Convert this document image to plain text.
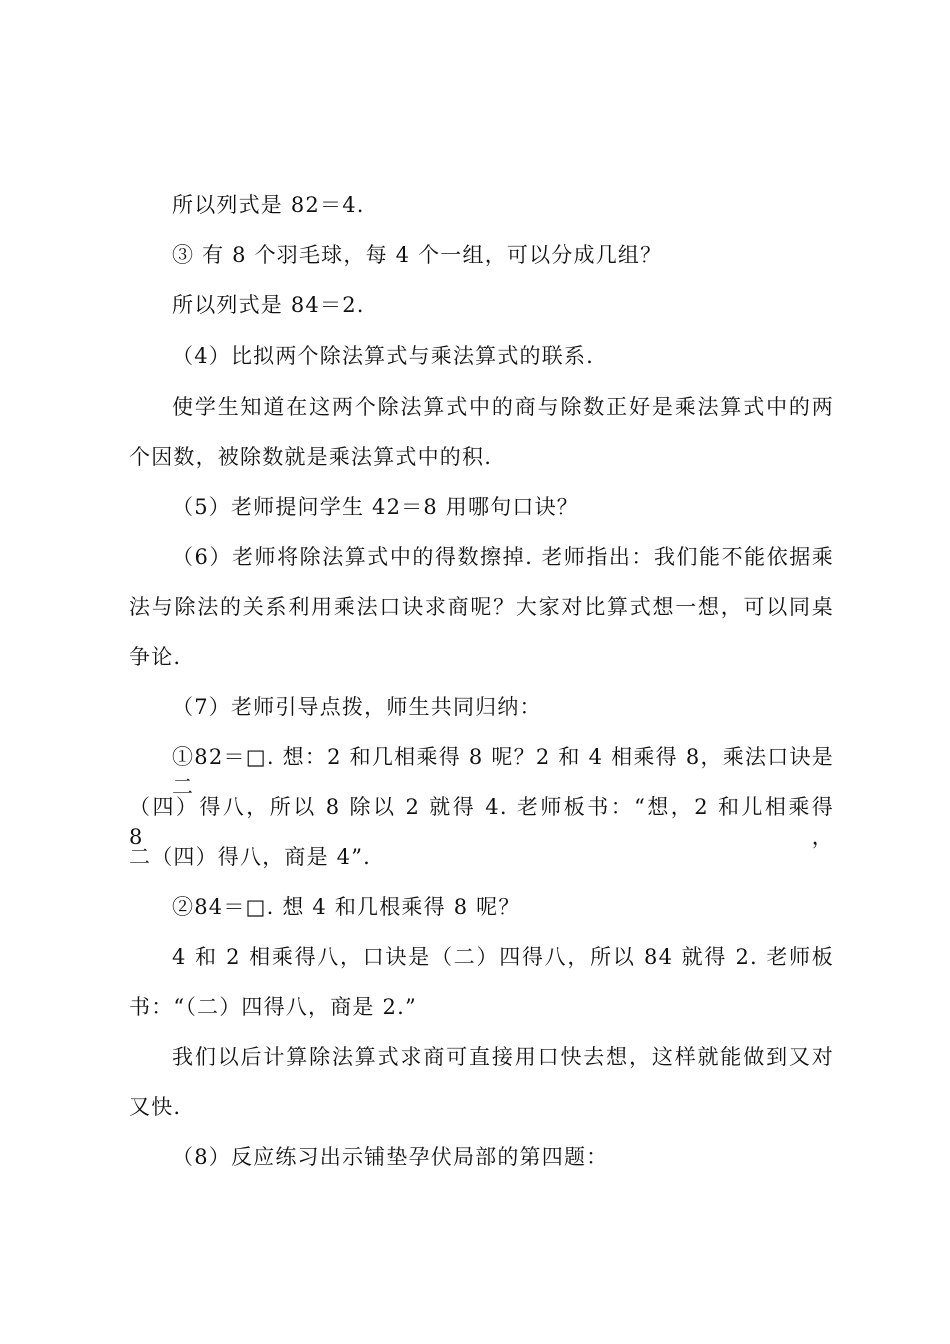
所以列式是 82＝4.
③ 有 8 个羽毛球，每 4 个一组，可以分成几组？
所以列式是 84＝2.
（4）比拟两个除法算式与乘法算式的联系.
使学生知道在这两个除法算式中的商与除数正好是乘法算式中的两
个因数，被除数就是乘法算式中的积.
（5）老师提问学生 42＝8 用哪句口诀？
（6）老师将除法算式中的得数擦掉. 老师指出：我们能不能依据乘
法与除法的关系利用乘法口诀求商呢？大家对比算式想一想，可以同桌
争论.
（7）老师引导点拨，师生共同归纳：
①82＝□. 想：2 和几相乘得 8 呢？2 和 4 相乘得 8，乘法口诀是二
（四）得八，所以 8 除以 2 就得 4. 老师板书：“想，2 和儿相乘得 8，
二（四）得八，商是 4”.
②84＝□. 想 4 和几根乘得 8 呢？
4 和 2 相乘得八，口诀是（二）四得八，所以 84 就得 2. 老师板
书：“（二）四得八，商是 2.”
我们以后计算除法算式求商可直接用口快去想，这样就能做到又对
又快.
（8）反应练习出示铺垫孕伏局部的第四题：
